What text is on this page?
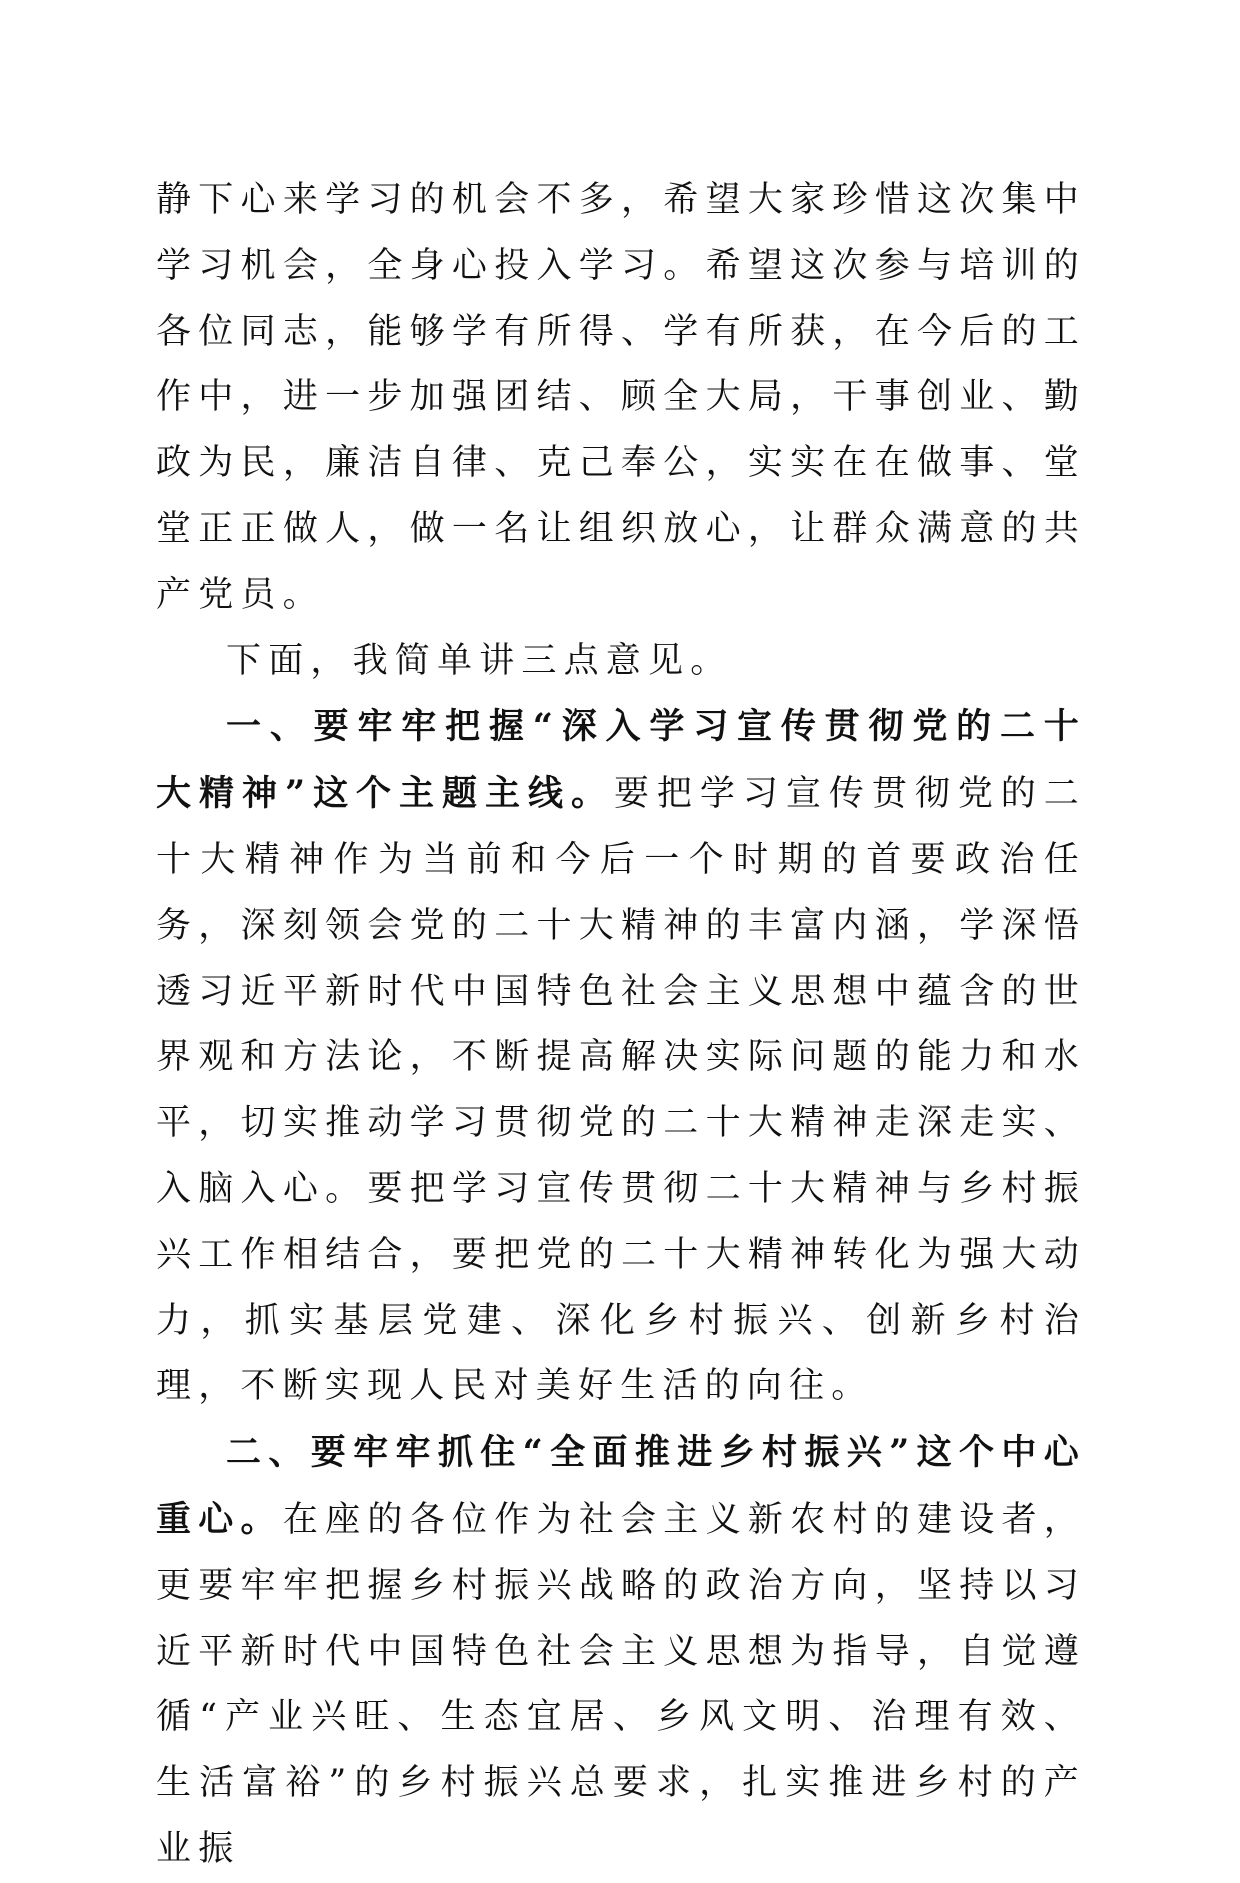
静下心来学习的机会不多，希望大家珍惜这次集中学习机会，全身心投入学习。希望这次参与培训的各位同志，能够学有所得、学有所获，在今后的工作中，进一步加强团结、顾全大局，干事创业、勤政为民，廉洁自律、克己奉公，实实在在做事、堂堂正正做人，做一名让组织放心，让群众满意的共产党员。

下面，我简单讲三点意见。

一、要牢牢把握“深入学习宣传贯彻党的二十大精神”这个主题主线。要把学习宣传贯彻党的二十大精神作为当前和今后一个时期的首要政治任务，深刻领会党的二十大精神的丰富内涵，学深悟透习近平新时代中国特色社会主义思想中蕴含的世界观和方法论，不断提高解决实际问题的能力和水平，切实推动学习贯彻党的二十大精神走深走实、入脑入心。要把学习宣传贯彻二十大精神与乡村振兴工作相结合，要把党的二十大精神转化为强大动力，抓实基层党建、深化乡村振兴、创新乡村治理，不断实现人民对美好生活的向往。

二、要牢牢抓住“全面推进乡村振兴”这个中心重心。在座的各位作为社会主义新农村的建设者，更要牢牢把握乡村振兴战略的政治方向，坚持以习近平新时代中国特色社会主义思想为指导，自觉遵循“产业兴旺、生态宜居、乡风文明、治理有效、生活富裕”的乡村振兴总要求，扎实推进乡村的产业振
